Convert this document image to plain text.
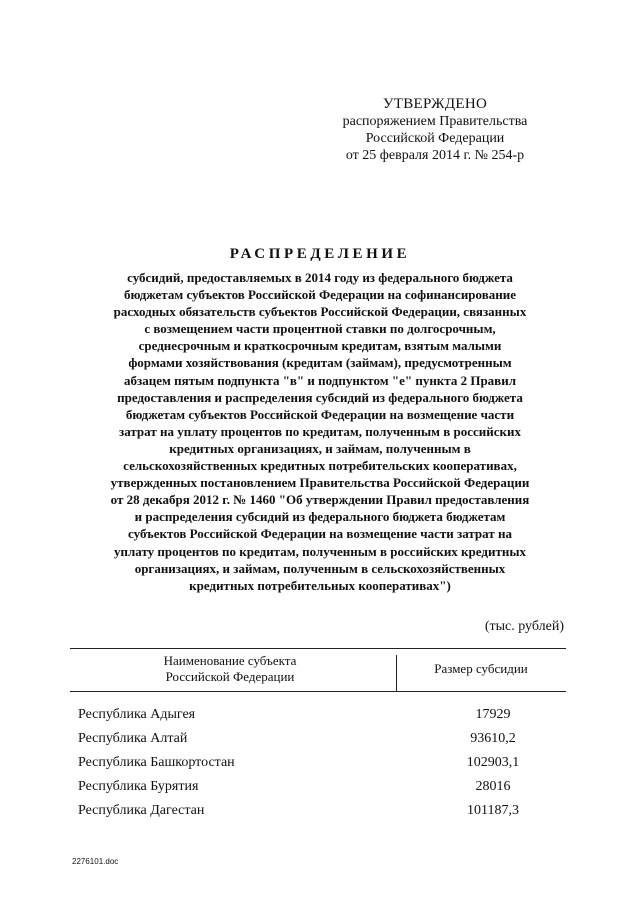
УТВЕРЖДЕНО
распоряжением Правительства
Российской Федерации
от 25 февраля 2014 г. № 254-р
РАСПРЕДЕЛЕНИЕ
субсидий, предоставляемых в 2014 году из федерального бюджета
бюджетам субъектов Российской Федерации на софинансирование
расходных обязательств субъектов Российской Федерации, связанных
с возмещением части процентной ставки по долгосрочным,
среднесрочным и краткосрочным кредитам, взятым малыми
формами хозяйствования (кредитам (займам), предусмотренным
абзацем пятым подпункта "в" и подпунктом "е" пункта 2 Правил
предоставления и распределения субсидий из федерального бюджета
бюджетам субъектов Российской Федерации на возмещение части
затрат на уплату процентов по кредитам, полученным в российских
кредитных организациях, и займам, полученным в
сельскохозяйственных кредитных потребительских кооперативах,
утвержденных постановлением Правительства Российской Федерации
от 28 декабря 2012 г. № 1460 "Об утверждении Правил предоставления
и распределения субсидий из федерального бюджета бюджетам
субъектов Российской Федерации на возмещение части затрат на
уплату процентов по кредитам, полученным в российских кредитных
организациях, и займам, полученным в сельскохозяйственных
кредитных потребительных кооперативах")
(тыс. рублей)
Наименование субъекта
Российской Федерации
Размер субсидии
Республика Адыгея	17929
Республика Алтай	93610,2
Республика Башкортостан	102903,1
Республика Бурятия	28016
Республика Дагестан	101187,3
2276101.doc
